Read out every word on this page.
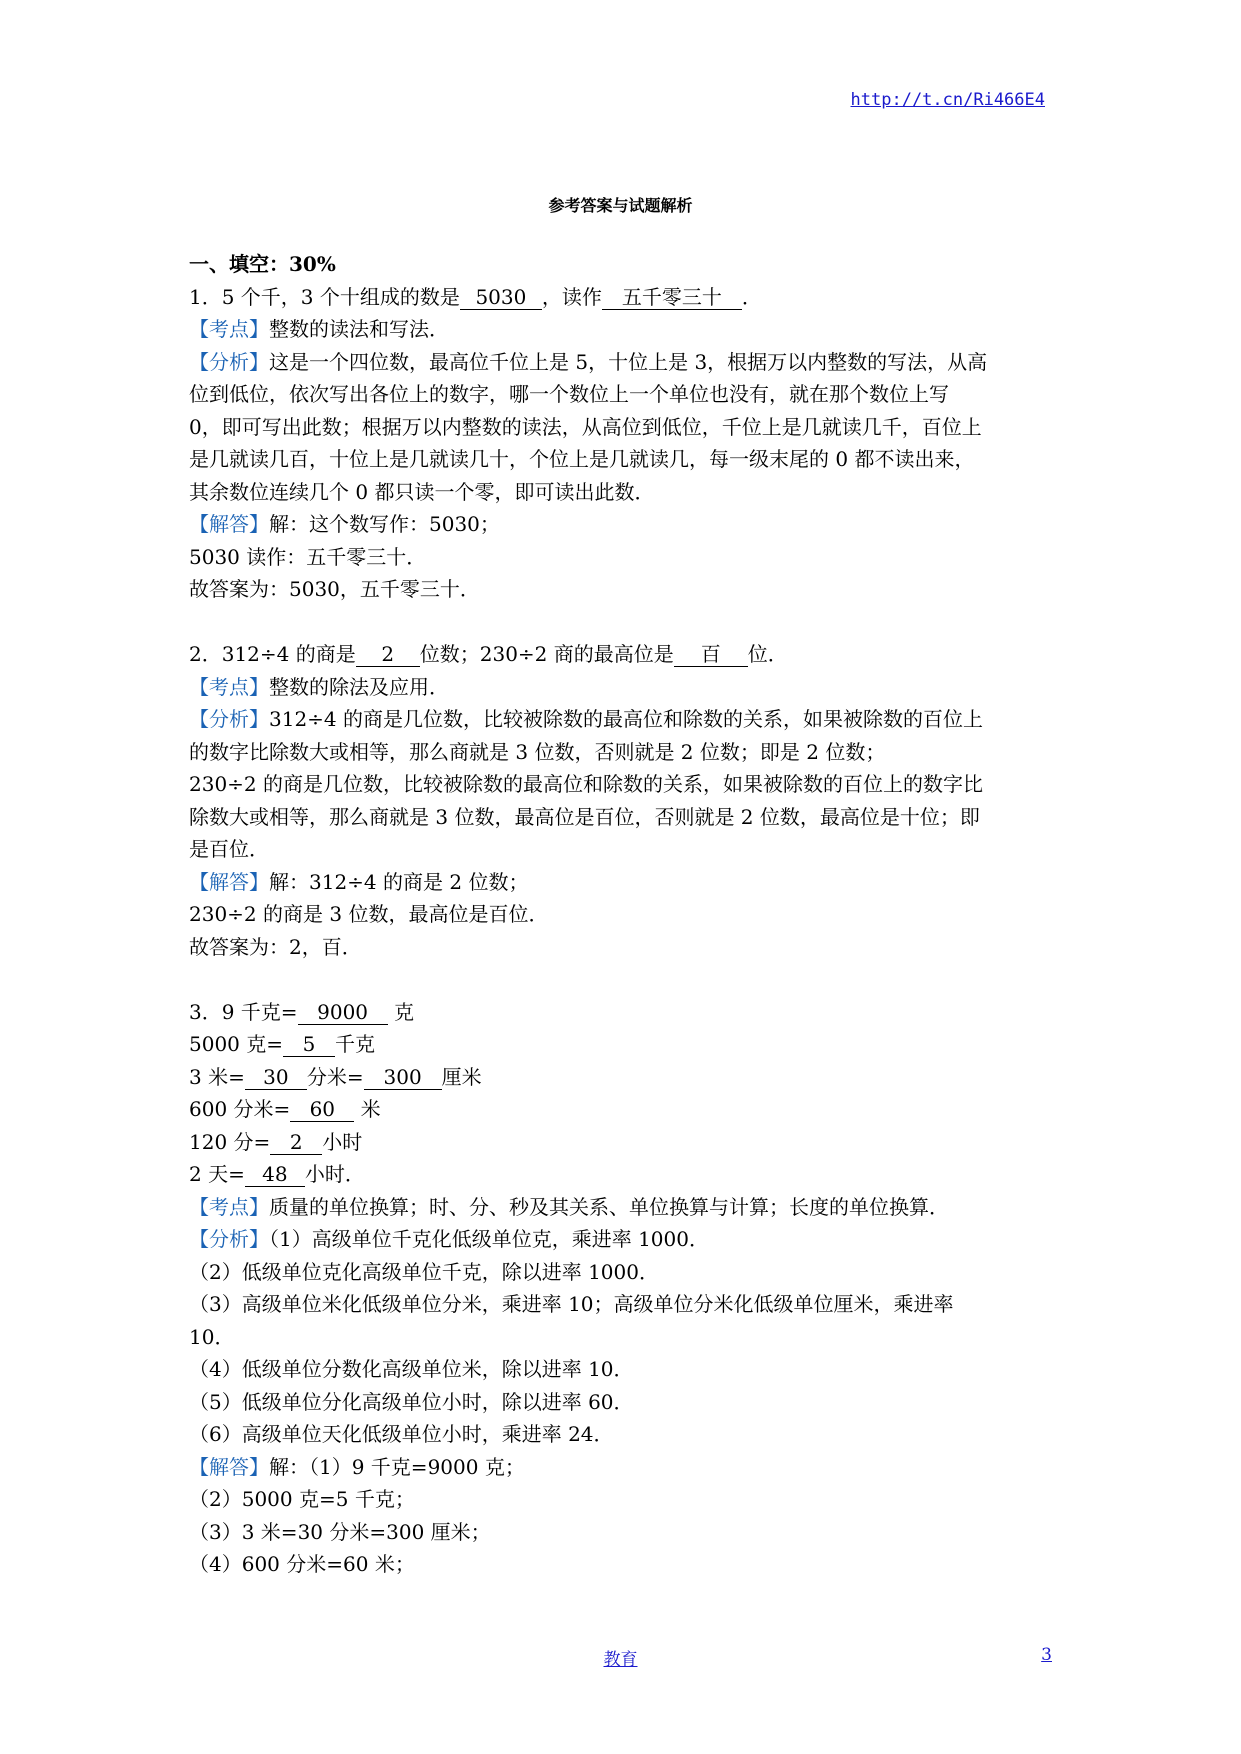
http://t.cn/Ri466E4
参考答案与试题解析
一、填空：30%
1．5 个千，3 个十组成的数是 5030 ，读作 五千零三十 ．
【考点】整数的读法和写法．
【分析】这是一个四位数，最高位千位上是 5，十位上是 3，根据万以内整数的写法，从高
位到低位，依次写出各位上的数字，哪一个数位上一个单位也没有，就在那个数位上写
0，即可写出此数；根据万以内整数的读法，从高位到低位，千位上是几就读几千，百位上
是几就读几百，十位上是几就读几十，个位上是几就读几，每一级末尾的 0 都不读出来，
其余数位连续几个 0 都只读一个零，即可读出此数．
【解答】解：这个数写作：5030；
5030 读作：五千零三十．
故答案为：5030，五千零三十．
2．312÷4 的商是 2 位数；230÷2 商的最高位是 百 位．
【考点】整数的除法及应用．
【分析】312÷4 的商是几位数，比较被除数的最高位和除数的关系，如果被除数的百位上
的数字比除数大或相等，那么商就是 3 位数，否则就是 2 位数；即是 2 位数；
230÷2 的商是几位数，比较被除数的最高位和除数的关系，如果被除数的百位上的数字比
除数大或相等，那么商就是 3 位数，最高位是百位，否则就是 2 位数，最高位是十位；即
是百位．
【解答】解：312÷4 的商是 2 位数；
230÷2 的商是 3 位数，最高位是百位．
故答案为：2，百．
3．9 千克= 9000 克
5000 克= 5 千克
3 米= 30 分米= 300 厘米
600 分米= 60 米
120 分= 2 小时
2 天= 48 小时．
【考点】质量的单位换算；时、分、秒及其关系、单位换算与计算；长度的单位换算．
【分析】（1）高级单位千克化低级单位克，乘进率 1000．
（2）低级单位克化高级单位千克，除以进率 1000．
（3）高级单位米化低级单位分米，乘进率 10；高级单位分米化低级单位厘米，乘进率
10．
（4）低级单位分数化高级单位米，除以进率 10．
（5）低级单位分化高级单位小时，除以进率 60．
（6）高级单位天化低级单位小时，乘进率 24．
【解答】解：（1）9 千克=9000 克；
（2）5000 克=5 千克；
（3）3 米=30 分米=300 厘米；
（4）600 分米=60 米；
教育	3
